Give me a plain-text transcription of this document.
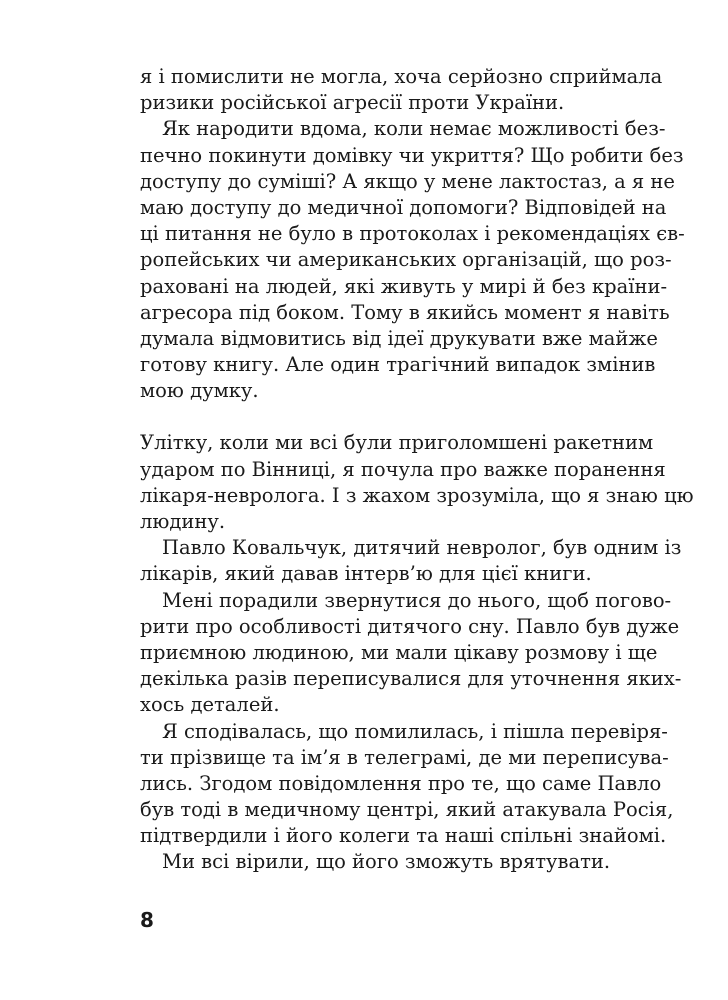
я і помислити не могла, хоча серйозно сприймала
ризики російської агресії проти України.
Як народити вдома, коли немає можливості без-
печно покинути домівку чи укриття? Що робити без
доступу до суміші? А якщо у мене лактостаз, а я не
маю доступу до медичної допомоги? Відповідей на
ці питання не було в протоколах і рекомендаціях єв-
ропейських чи американських організацій, що роз-
раховані на людей, які живуть у мирі й без країни-
агресора під боком. Тому в якийсь момент я навіть
думала відмовитись від ідеї друкувати вже майже
готову книгу. Але один трагічний випадок змінив
мою думку.
Улітку, коли ми всі були приголомшені ракетним
ударом по Вінниці, я почула про важке поранення
лікаря-невролога. І з жахом зрозуміла, що я знаю цю
людину.
Павло Ковальчук, дитячий невролог, був одним із
лікарів, який давав інтерв’ю для цієї книги.
Мені порадили звернутися до нього, щоб погово-
рити про особливості дитячого сну. Павло був дуже
приємною людиною, ми мали цікаву розмову і ще
декілька разів переписувалися для уточнення яких-
хось деталей.
Я сподівалась, що помилилась, і пішла перевіря-
ти прізвище та ім’я в телеграмі, де ми переписува-
лись. Згодом повідомлення про те, що саме Павло
був тоді в медичному центрі, який атакувала Росія,
підтвердили і його колеги та наші спільні знайомі.
Ми всі вірили, що його зможуть врятувати.
8
